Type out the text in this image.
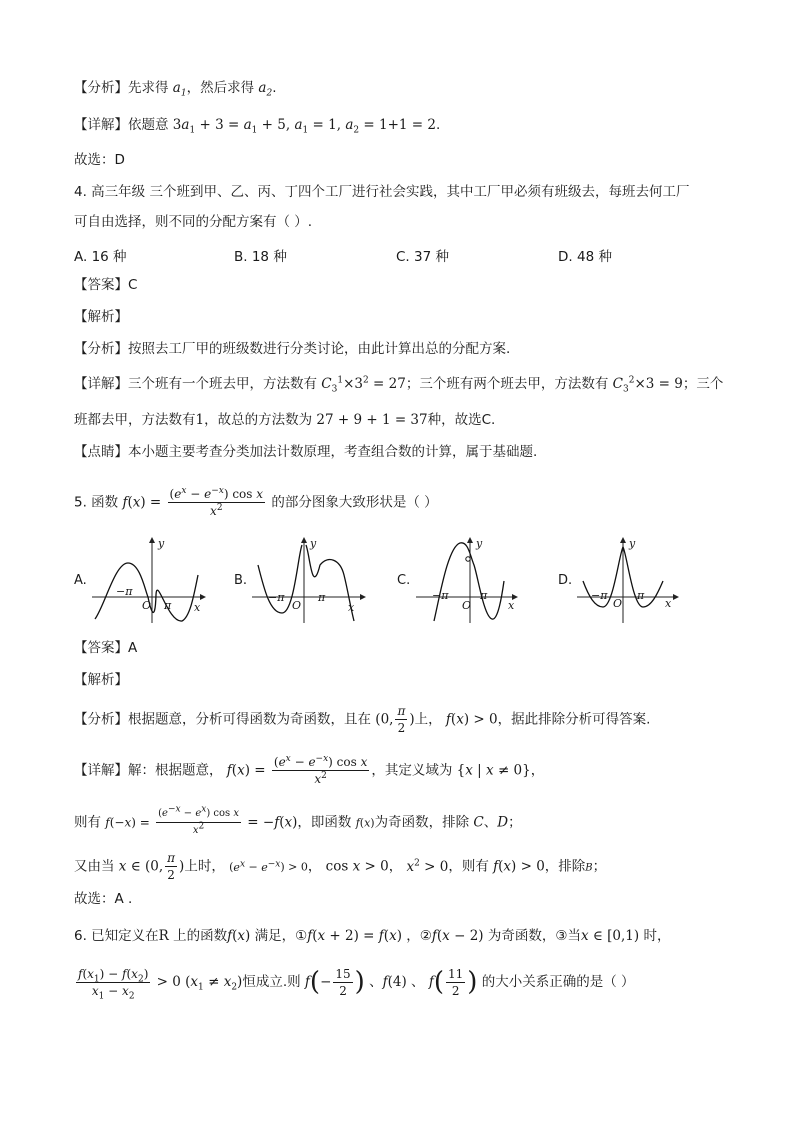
【分析】先求得 $a_1$，然后求得 $a_2$.
【详解】依题意 $3a_1 + 3 = a_1 + 5$, $a_1 = 1$, $a_2 = 1+1 = 2$.
故选：D
4. 高三年级 三个班到甲、乙、丙、丁四个工厂进行社会实践，其中工厂甲必须有班级去，每班去何工厂
可自由选择，则不同的分配方案有（ ）.
A. 16 种	B. 18 种	C. 37 种	D. 48 种
【答案】C
【解析】
【分析】按照去工厂甲的班级数进行分类讨论，由此计算出总的分配方案.
【详解】三个班有一个班去甲，方法数有 $C_3^1\times 3^2 = 27$；三个班有两个班去甲，方法数有 $C_3^2\times 3 = 9$；三个
班都去甲，方法数有1，故总的方法数为 27 + 9 + 1 = 37种，故选C.
【点睛】本小题主要考查分类加法计数原理，考查组合数的计算，属于基础题.
5. 函数 $f(x) = \frac{(e^x - e^{-x}) \cos x}{x^2}$ 的部分图象大致形状是（ ）
A.	B.	C.	D.
y
x
O
−π
π
y
x
O
−π	π
y
x
O
−π	π
y
x
O
−π	π
【答案】A
【解析】
【分析】根据题意，分析可得函数为奇函数，且在 (0, $\frac{\pi}{2}$ )上， f(x) > 0，据此排除分析可得答案.
【详解】解：根据题意， $f(x) = \frac{(e^x - e^{-x}) \cos x}{x^2}$ ，其定义域为 {x | x ≠ 0}，
则有 $f(-x) = \frac{(e^{-x} - e^x) \cos x}{x^2} = -f(x)$，即函数 f(x)为奇函数，排除 C、D；
又由当 x ∈ (0, $\frac{\pi}{2}$ )上时， $(e^x - e^{-x}) > 0$， cos x > 0， $x^2 > 0$，则有 f(x) > 0，排除B；
故选：A .
6. 已知定义在R 上的函数f(x) 满足，①f(x + 2) = f(x) ，②f(x − 2) 为奇函数，③当x ∈ [0,1) 时，
$\frac{f(x_1) - f(x_2)}{x_1 - x_2} > 0$ $(x_1 \ne x_2)$恒成立.则 $f(- \frac{15}{2}$ ) 、f(4) 、 $f( \frac{11}{2}$ ) 的大小关系正确的是（ ）
